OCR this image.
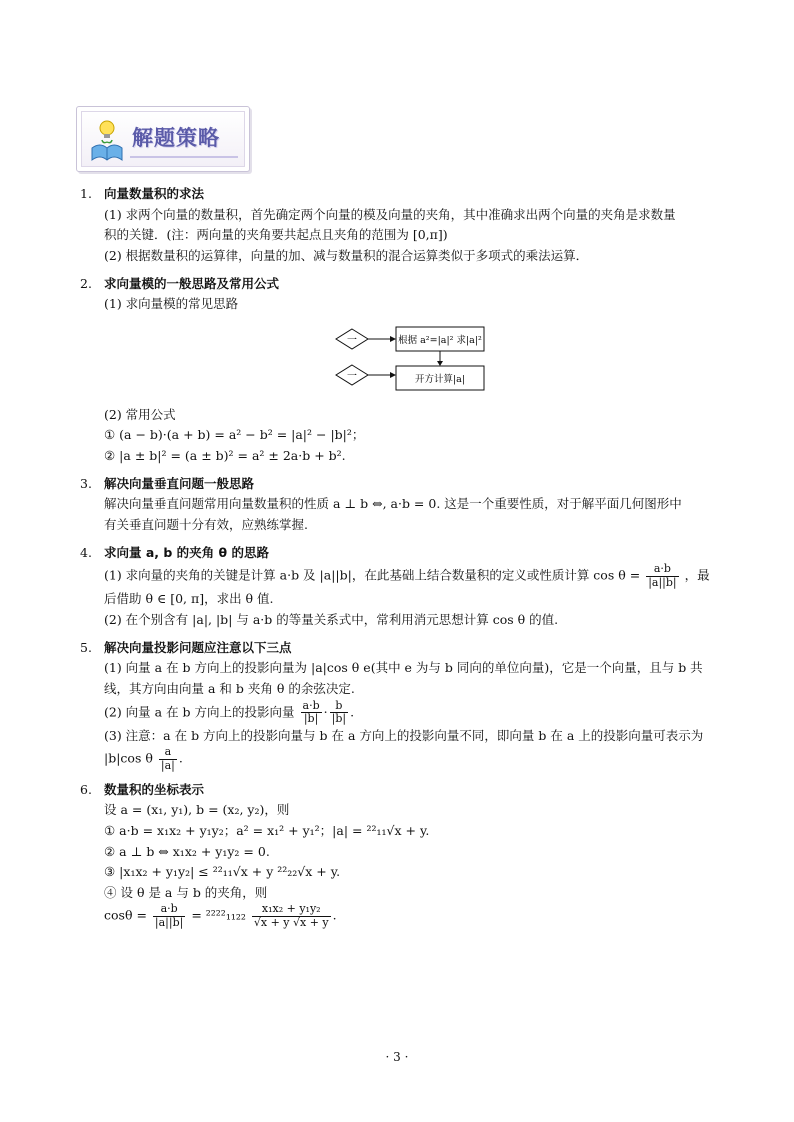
解题策略
1. 向量数量积的求法

(1) 求两个向量的数量积，首先确定两个向量的模及向量的夹角，其中准确求出两个向量的夹角是求数量

积的关键．(注：两向量的夹角要共起点且夹角的范围为 [0,π])

(2) 根据数量积的运算律，向量的加、减与数量积的混合运算类似于多项式的乘法运算．

2. 求向量模的一般思路及常用公式

(1) 求向量模的常见思路

一	根据 a²=|a|² 求|a|²
一	开方计算|a|

(2) 常用公式

① (a − b)·(a + b) = a² − b² = |a|² − |b|²；

② |a ± b|² = (a ± b)² = a² ± 2a·b + b².

3. 解决向量垂直问题一般思路

解决向量垂直问题常用向量数量积的性质 a ⊥ b ⇔, a·b = 0. 这是一个重要性质，对于解平面几何图形中

有关垂直问题十分有效，应熟练掌握.

4. 求向量 a, b 的夹角 θ 的思路

(1) 求向量的夹角的关键是计算 a·b 及 |a||b|，在此基础上结合数量积的定义或性质计算 $\cos \theta = \frac{a\cdot b}{|a||b|}$ ，最

后借助 θ ∈ [0, π]，求出 θ 值.

(2) 在个别含有 |a|, |b| 与 a·b 的等量关系式中，常利用消元思想计算 cos θ 的值.

5. 解决向量投影问题应注意以下三点

(1) 向量 a 在 b 方向上的投影向量为 |a|cos θ e(其中 e 为与 b 同向的单位向量)，它是一个向量，且与 b 共

线，其方向由向量 a 和 b 夹角 θ 的余弦决定.

(2) 向量 a 在 b 方向上的投影向量 $\frac{a\cdot b}{|b|} \cdot \frac{b}{|b|}$ .

(3) 注意：a 在 b 方向上的投影向量与 b 在 a 方向上的投影向量不同，即向量 b 在 a 上的投影向量可表示为

|b|cos θ $\frac{a}{|a|}$ .

6. 数量积的坐标表示

设 a = (x₁, y₁), b = (x₂, y₂)，则

① a·b = x₁x₂ + y₁y₂；a² = x₁² + y₁²；|a| = ²²₁₁√x + y.

② a ⊥ b ⇔ x₁x₂ + y₁y₂ = 0.

③ |x₁x₂ + y₁y₂| ≤ ²²₁₁√x + y ²²₂₂√x + y.

④ 设 θ 是 a 与 b 的夹角，则

$\cos\theta = \frac{a\cdot b}{|a||b|} = ^{2222}_{1122} \frac{\text{x₁x₂ + y₁y₂}}{√x + y √x + y}$ .

· 3 ·
